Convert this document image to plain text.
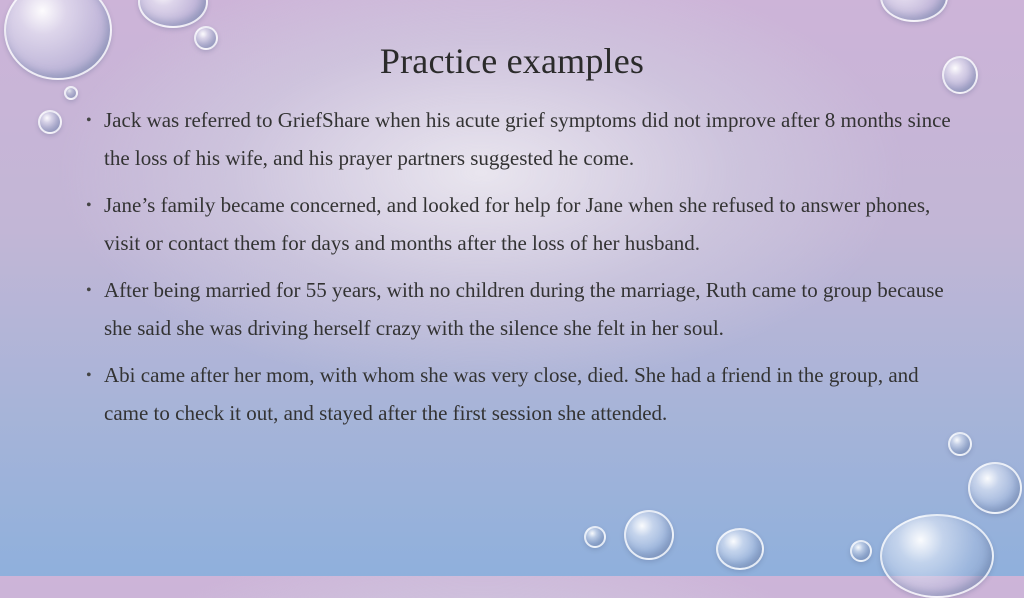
Practice examples
• Jack was referred to GriefShare when his acute grief symptoms did not improve after 8 months since the loss of his wife, and his prayer partners suggested he come.
• Jane’s family became concerned, and looked for help for Jane when she refused to answer phones, visit or contact them for days and months after the loss of her husband.
• After being married for 55 years, with no children during the marriage, Ruth came to group because she said she was driving herself crazy with the silence she felt in her soul.
• Abi came after her mom, with whom she was very close, died. She had a friend in the group, and came to check it out, and stayed after the first session she attended.
